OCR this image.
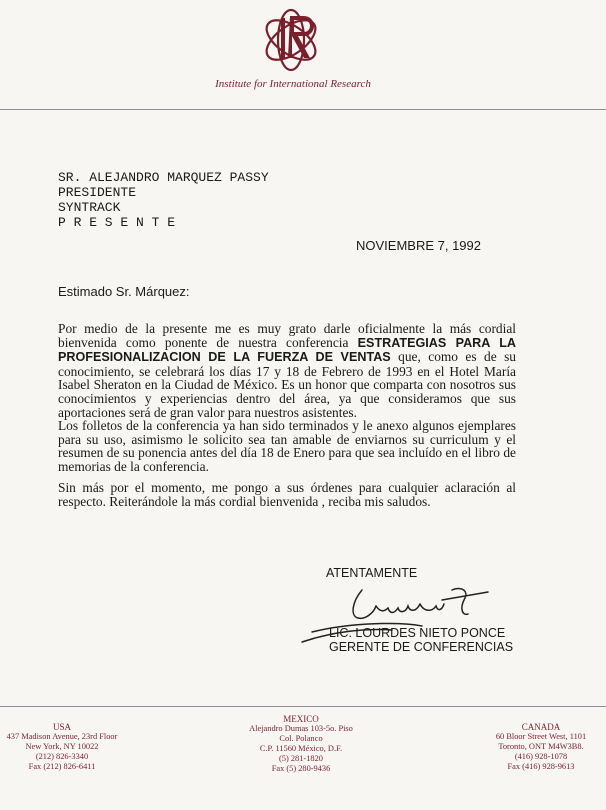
Institute for International Research
SR. ALEJANDRO MARQUEZ PASSY
PRESIDENTE
SYNTRACK
P R E S E N T E
NOVIEMBRE 7, 1992
Estimado Sr. Márquez:
Por medio de la presente me es muy grato darle oficialmente la más cordial bienvenida como ponente de nuestra conferencia ESTRATEGIAS PARA LA PROFESIONALIZACION DE LA FUERZA DE VENTAS que, como es de su conocimiento, se celebrará los días 17 y 18 de Febrero de 1993 en el Hotel María Isabel Sheraton en la Ciudad de México. Es un honor que comparta con nosotros sus conocimientos y experiencias dentro del área, ya que consideramos que sus aportaciones será de gran valor para nuestros asistentes.
Los folletos de la conferencia ya han sido terminados y le anexo algunos ejemplares para su uso, asimismo le solicito sea tan amable de enviarnos su curriculum y el resumen de su ponencia antes del día 18 de Enero para que sea incluído en el libro de memorias de la conferencia.
Sin más por el momento, me pongo a sus órdenes para cualquier aclaración al respecto. Reiterándole la más cordial bienvenida , reciba mis saludos.
ATENTAMENTE
LIC. LOURDES NIETO PONCE
GERENTE DE CONFERENCIAS
USA
437 Madison Avenue, 23rd Floor
New York, NY 10022
(212) 826-3340
Fax (212) 826-6411
MEXICO
Alejandro Dumas 103-5o. Piso
Col. Polanco
C.P. 11560 México, D.F.
(5) 281-1820
Fax (5) 280-9436
CANADA
60 Bloor Street West, 1101
Toronto, ONT M4W3B8.
(416) 928-1078
Fax (416) 928-9613
